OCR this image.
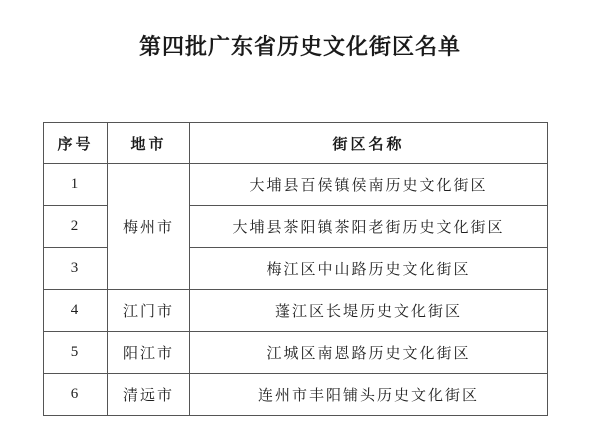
第四批广东省历史文化街区名单
序号	地市	街区名称
1	梅州市	大埔县百侯镇侯南历史文化街区
2		大埔县茶阳镇茶阳老街历史文化街区
3		梅江区中山路历史文化街区
4	江门市	蓬江区长堤历史文化街区
5	阳江市	江城区南恩路历史文化街区
6	清远市	连州市丰阳铺头历史文化街区
